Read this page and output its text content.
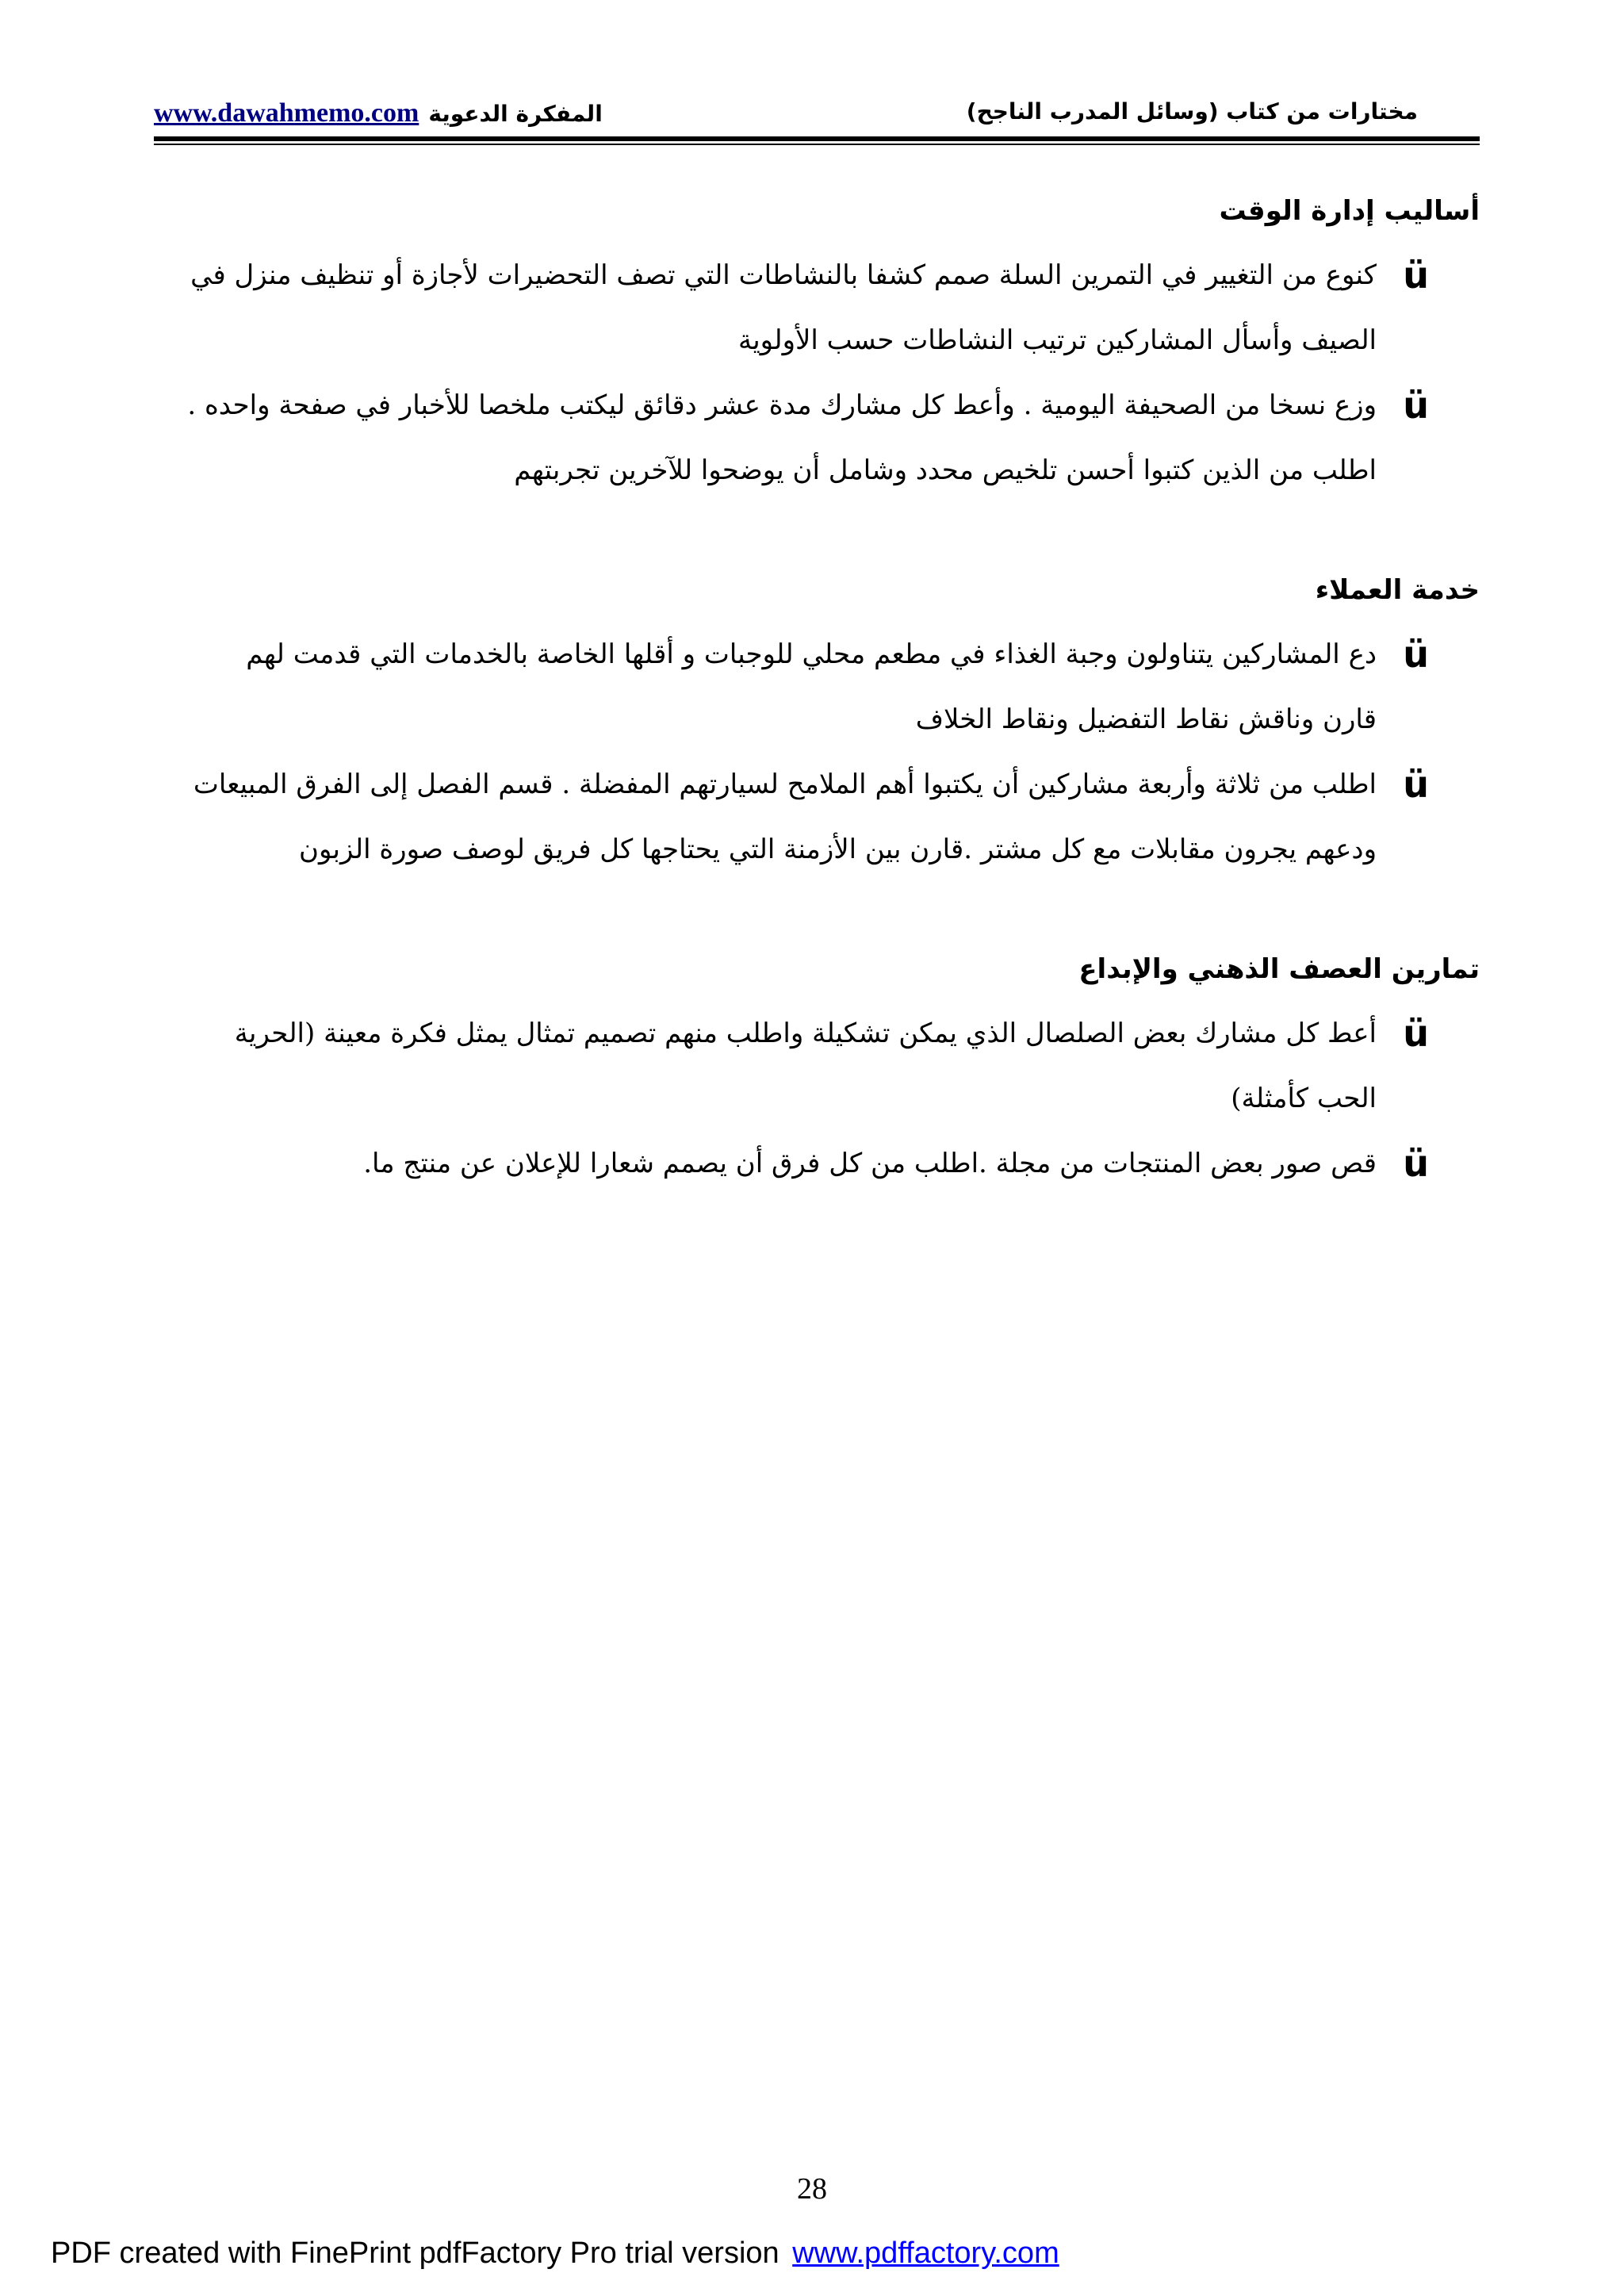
www.dawahmemo.com المفكرة الدعوية	مختارات من كتاب (وسائل المدرب الناجح)
أساليب إدارة الوقت
ü
كنوع من التغيير في التمرين السلة صمم كشفا بالنشاطات التي تصف التحضيرات لأجازة أو تنظيف منزل في الصيف وأسأل المشاركين ترتيب النشاطات حسب الأولوية
ü
وزع نسخا من الصحيفة اليومية . وأعط كل مشارك مدة عشر دقائق ليكتب ملخصا للأخبار في صفحة واحده . اطلب من الذين كتبوا أحسن تلخيص محدد وشامل أن يوضحوا للآخرين تجربتهم
خدمة العملاء
ü
دع المشاركين يتناولون وجبة الغذاء في مطعم محلي للوجبات و أقلها الخاصة بالخدمات التي قدمت لهم قارن وناقش نقاط التفضيل ونقاط الخلاف
ü
اطلب من ثلاثة وأربعة مشاركين أن يكتبوا أهم الملامح لسيارتهم المفضلة . قسم الفصل إلى الفرق المبيعات ودعهم يجرون مقابلات مع كل مشتر .قارن بين الأزمنة التي يحتاجها كل فريق لوصف صورة الزبون
تمارين العصف الذهني والإبداع
ü
أعط كل مشارك بعض الصلصال الذي يمكن تشكيلة واطلب منهم تصميم تمثال يمثل فكرة معينة (الحرية الحب كأمثلة)
ü
قص صور بعض المنتجات من مجلة .اطلب من كل فرق أن يصمم شعارا للإعلان عن منتج ما.
28
PDF created with FinePrint pdfFactory Pro trial version www.pdffactory.com
